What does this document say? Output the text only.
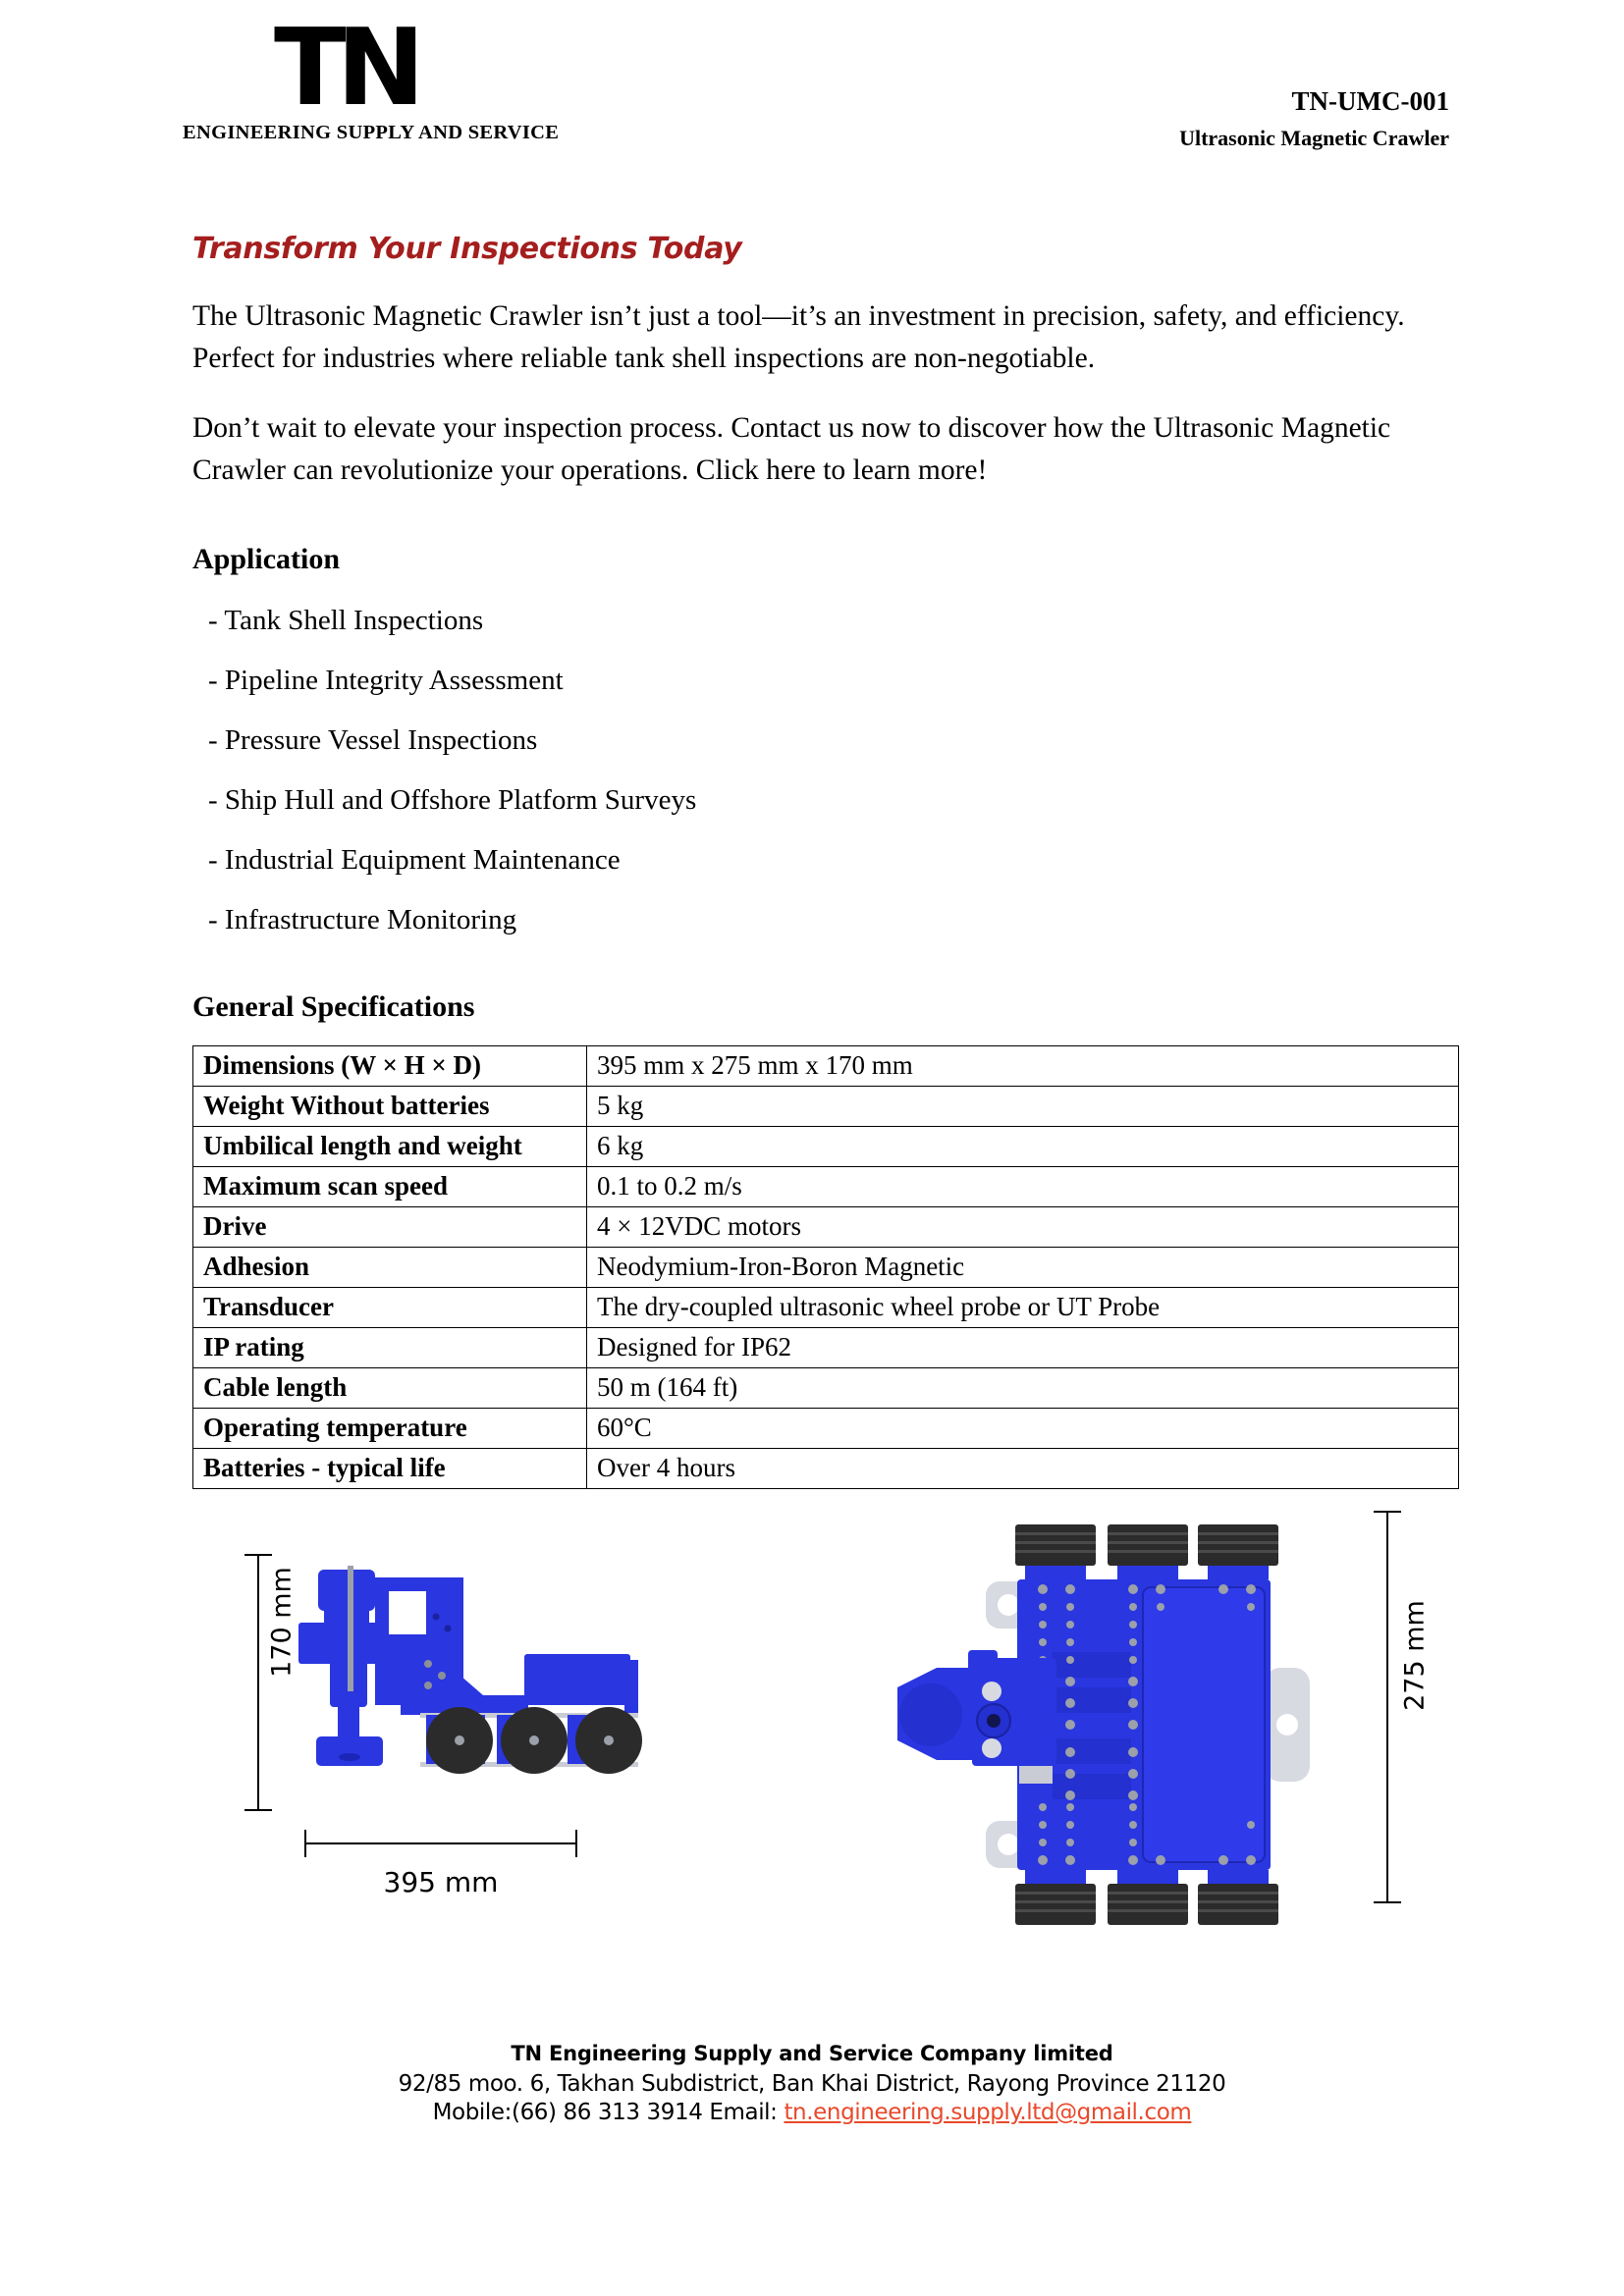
TN
ENGINEERING SUPPLY AND SERVICE
TN-UMC-001
Ultrasonic Magnetic Crawler
Transform Your Inspections Today

The Ultrasonic Magnetic Crawler isn’t just a tool—it’s an investment in precision, safety, and efficiency. Perfect for industries where reliable tank shell inspections are non-negotiable.

Don’t wait to elevate your inspection process. Contact us now to discover how the Ultrasonic Magnetic Crawler can revolutionize your operations. Click here to learn more!

Application
- Tank Shell Inspections
- Pipeline Integrity Assessment
- Pressure Vessel Inspections
- Ship Hull and Offshore Platform Surveys
- Industrial Equipment Maintenance
- Infrastructure Monitoring
General Specifications
Dimensions (W × H × D)	395 mm x 275 mm x 170 mm
Weight Without batteries	5 kg
Umbilical length and weight	6 kg
Maximum scan speed	0.1 to 0.2 m/s
Drive	4 × 12VDC motors
Adhesion	Neodymium-Iron-Boron Magnetic
Transducer	The dry-coupled ultrasonic wheel probe or UT Probe
IP rating	Designed for IP62
Cable length	50 m (164 ft)
Operating temperature	60°C
Batteries - typical life	Over 4 hours
170 mm
395 mm
275 mm
TN Engineering Supply and Service Company limited
92/85 moo. 6, Takhan Subdistrict, Ban Khai District, Rayong Province 21120
Mobile:(66) 86 313 3914 Email: tn.engineering.supply.ltd@gmail.com
